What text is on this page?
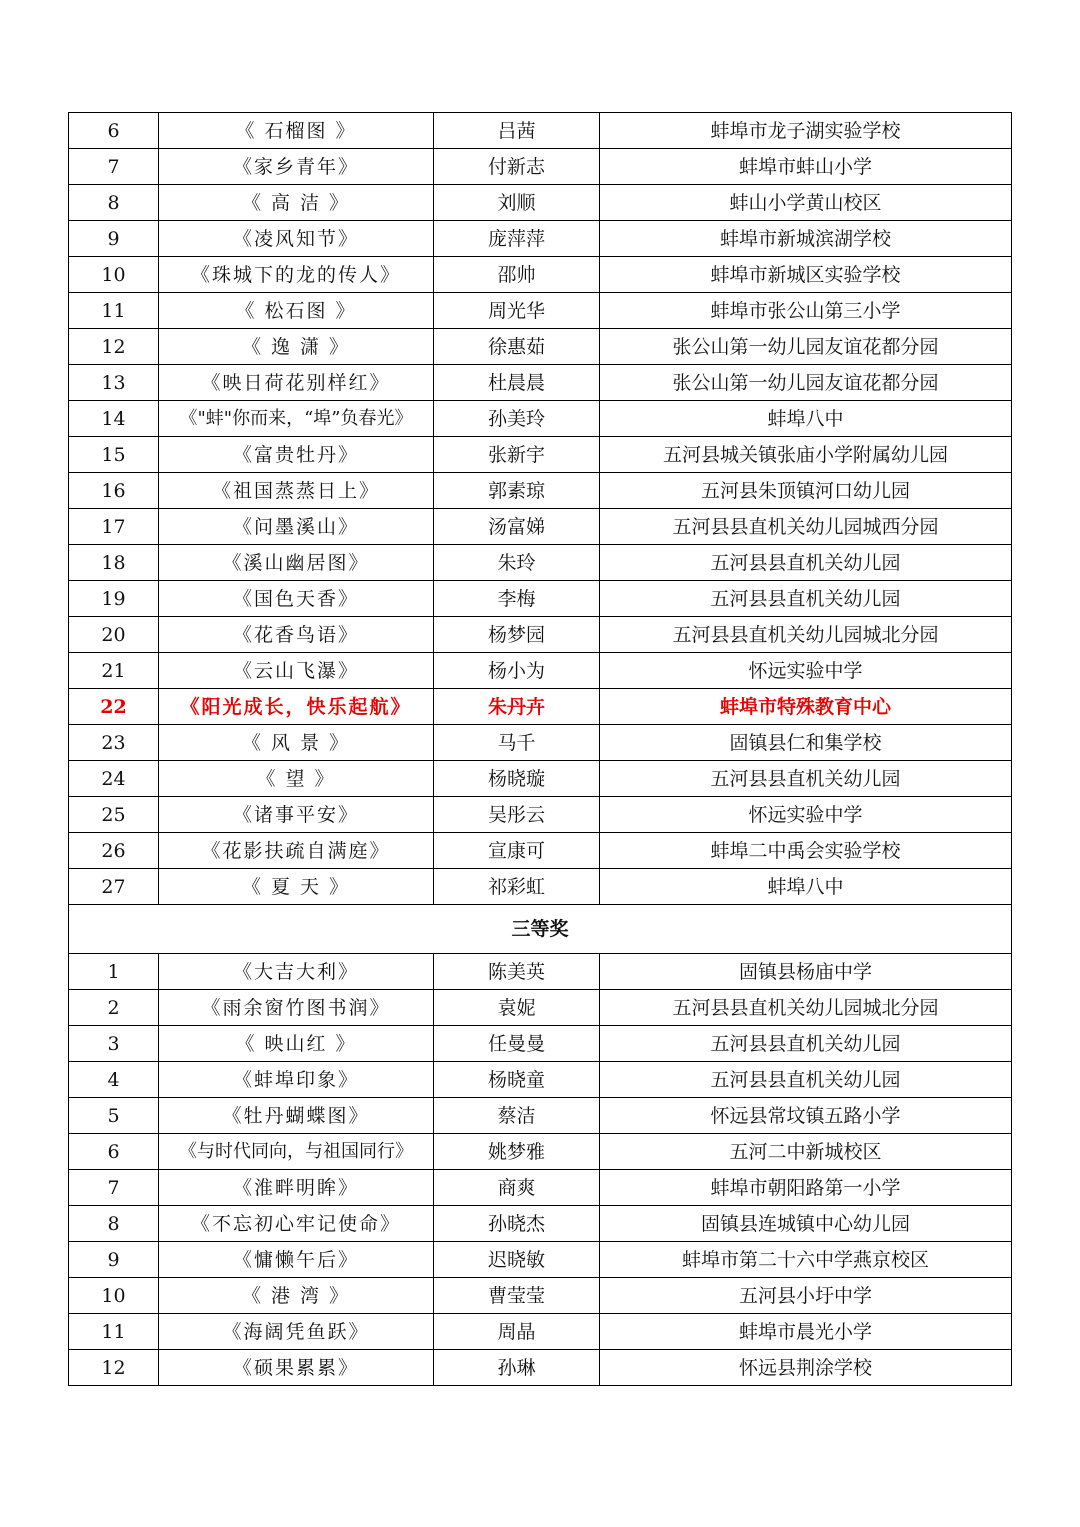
6	《 石榴图 》	吕茜	蚌埠市龙子湖实验学校
7	《家乡青年》	付新志	蚌埠市蚌山小学
8	《 高 洁 》	刘顺	蚌山小学黄山校区
9	《凌风知节》	庞萍萍	蚌埠市新城滨湖学校
10	《珠城下的龙的传人》	邵帅	蚌埠市新城区实验学校
11	《 松石图 》	周光华	蚌埠市张公山第三小学
12	《 逸 潇 》	徐惠茹	张公山第一幼儿园友谊花都分园
13	《映日荷花别样红》	杜晨晨	张公山第一幼儿园友谊花都分园
14	《"蚌"你而来，“埠”负春光》	孙美玲	蚌埠八中
15	《富贵牡丹》	张新宇	五河县城关镇张庙小学附属幼儿园
16	《祖国蒸蒸日上》	郭素琼	五河县朱顶镇河口幼儿园
17	《问墨溪山》	汤富娣	五河县县直机关幼儿园城西分园
18	《溪山幽居图》	朱玲	五河县县直机关幼儿园
19	《国色天香》	李梅	五河县县直机关幼儿园
20	《花香鸟语》	杨梦园	五河县县直机关幼儿园城北分园
21	《云山飞瀑》	杨小为	怀远实验中学
22	《阳光成长，快乐起航》	朱丹卉	蚌埠市特殊教育中心
23	《 风 景 》	马千	固镇县仁和集学校
24	《 望 》	杨晓璇	五河县县直机关幼儿园
25	《诸事平安》	吴彤云	怀远实验中学
26	《花影扶疏自满庭》	宣康可	蚌埠二中禹会实验学校
27	《 夏 天 》	祁彩虹	蚌埠八中
三等奖			
1	《大吉大利》	陈美英	固镇县杨庙中学
2	《雨余窗竹图书润》	袁妮	五河县县直机关幼儿园城北分园
3	《 映山红 》	任曼曼	五河县县直机关幼儿园
4	《蚌埠印象》	杨晓童	五河县县直机关幼儿园
5	《牡丹蝴蝶图》	蔡洁	怀远县常坟镇五路小学
6	《与时代同向，与祖国同行》	姚梦雅	五河二中新城校区
7	《淮畔明眸》	商爽	蚌埠市朝阳路第一小学
8	《不忘初心牢记使命》	孙晓杰	固镇县连城镇中心幼儿园
9	《慵懒午后》	迟晓敏	蚌埠市第二十六中学燕京校区
10	《 港 湾 》	曹莹莹	五河县小圩中学
11	《海阔凭鱼跃》	周晶	蚌埠市晨光小学
12	《硕果累累》	孙琳	怀远县荆涂学校
